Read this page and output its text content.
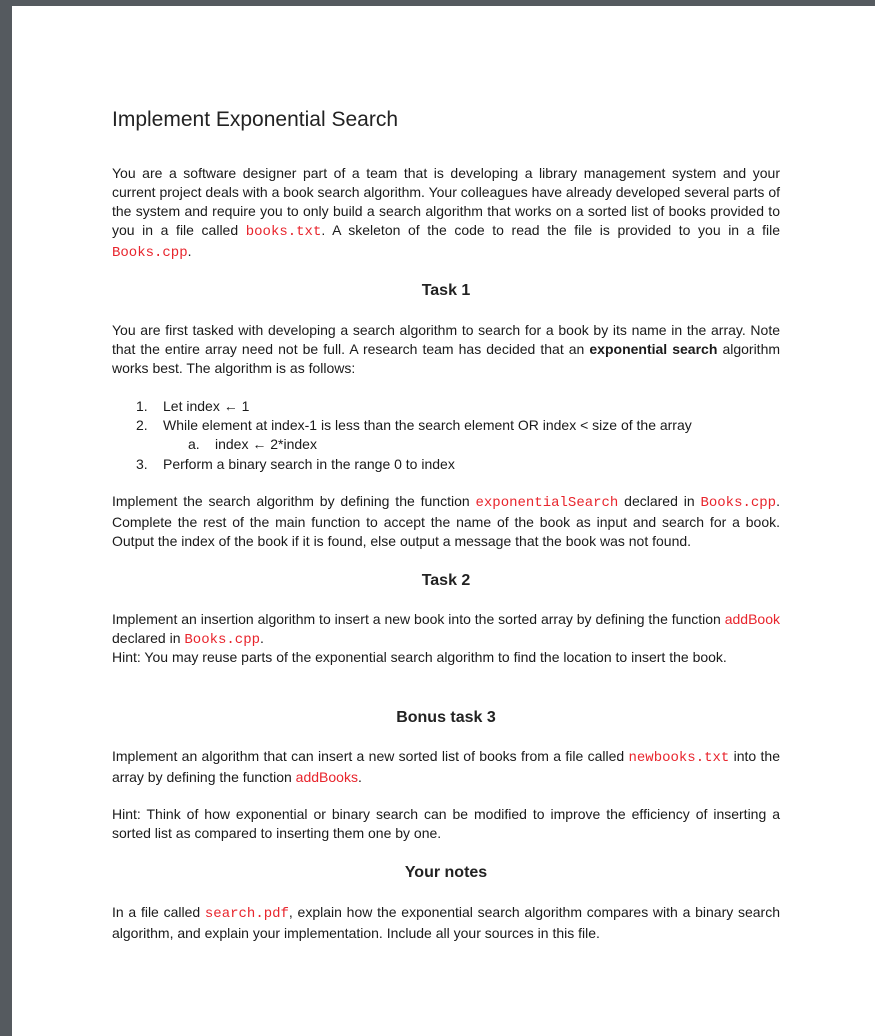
Implement Exponential Search

You are a software designer part of a team that is developing a library management system and your current project deals with a book search algorithm. Your colleagues have already developed several parts of the system and require you to only build a search algorithm that works on a sorted list of books provided to you in a file called books.txt. A skeleton of the code to read the file is provided to you in a file Books.cpp.

Task 1

You are first tasked with developing a search algorithm to search for a book by its name in the array. Note that the entire array need not be full. A research team has decided that an exponential search algorithm works best. The algorithm is as follows:

1. Let index ← 1
2. While element at index-1 is less than the search element OR index < size of the array
a. index ← 2*index
3. Perform a binary search in the range 0 to index

Implement the search algorithm by defining the function exponentialSearch declared in Books.cpp. Complete the rest of the main function to accept the name of the book as input and search for a book. Output the index of the book if it is found, else output a message that the book was not found.

Task 2

Implement an insertion algorithm to insert a new book into the sorted array by defining the function addBook declared in Books.cpp.

Hint: You may reuse parts of the exponential search algorithm to find the location to insert the book.

Bonus task 3

Implement an algorithm that can insert a new sorted list of books from a file called newbooks.txt into the array by defining the function addBooks.

Hint: Think of how exponential or binary search can be modified to improve the efficiency of inserting a sorted list as compared to inserting them one by one.

Your notes

In a file called search.pdf, explain how the exponential search algorithm compares with a binary search algorithm, and explain your implementation. Include all your sources in this file.
